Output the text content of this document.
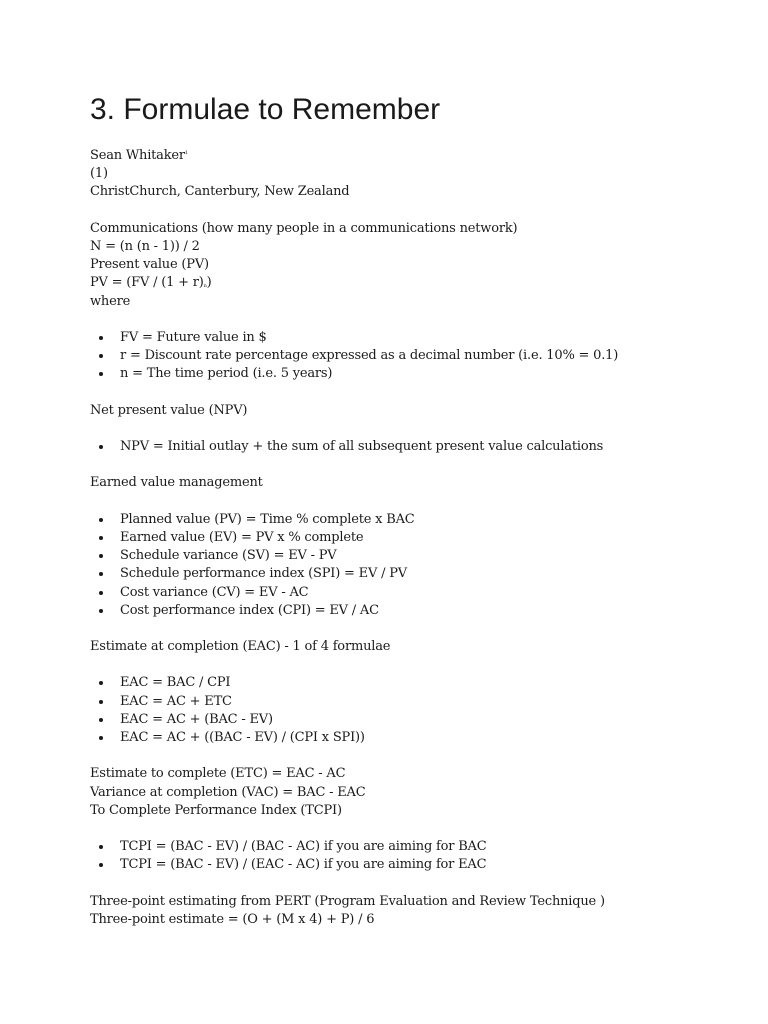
3. Formulae to Remember

Sean Whitaker$^1$

(1)

ChristChurch, Canterbury, New Zealand

Communications (how many people in a communications network)

N = (n (n - 1)) / 2

Present value (PV)

PV = $(FV / (1 + r)_n)$

where

FV = Future value in $
r = Discount rate percentage expressed as a decimal number (i.e. 10% = 0.1)
n = The time period (i.e. 5 years)

Net present value (NPV)

NPV = Initial outlay + the sum of all subsequent present value calculations

Earned value management

Planned value (PV) = Time % complete x BAC
Earned value (EV) = PV x % complete
Schedule variance (SV) = EV - PV
Schedule performance index (SPI) = EV / PV
Cost variance (CV) = EV - AC
Cost performance index (CPI) = EV / AC

Estimate at completion (EAC) - 1 of 4 formulae

EAC = BAC / CPI
EAC = AC + ETC
EAC = AC + (BAC - EV)
EAC = AC + ((BAC - EV) / (CPI x SPI))

Estimate to complete (ETC) = EAC - AC

Variance at completion (VAC) = BAC - EAC

To Complete Performance Index (TCPI)

TCPI = (BAC - EV) / (BAC - AC) if you are aiming for BAC
TCPI = (BAC - EV) / (EAC - AC) if you are aiming for EAC

Three-point estimating from PERT (Program Evaluation and Review Technique )

Three-point estimate = (O + (M x 4) + P) / 6
